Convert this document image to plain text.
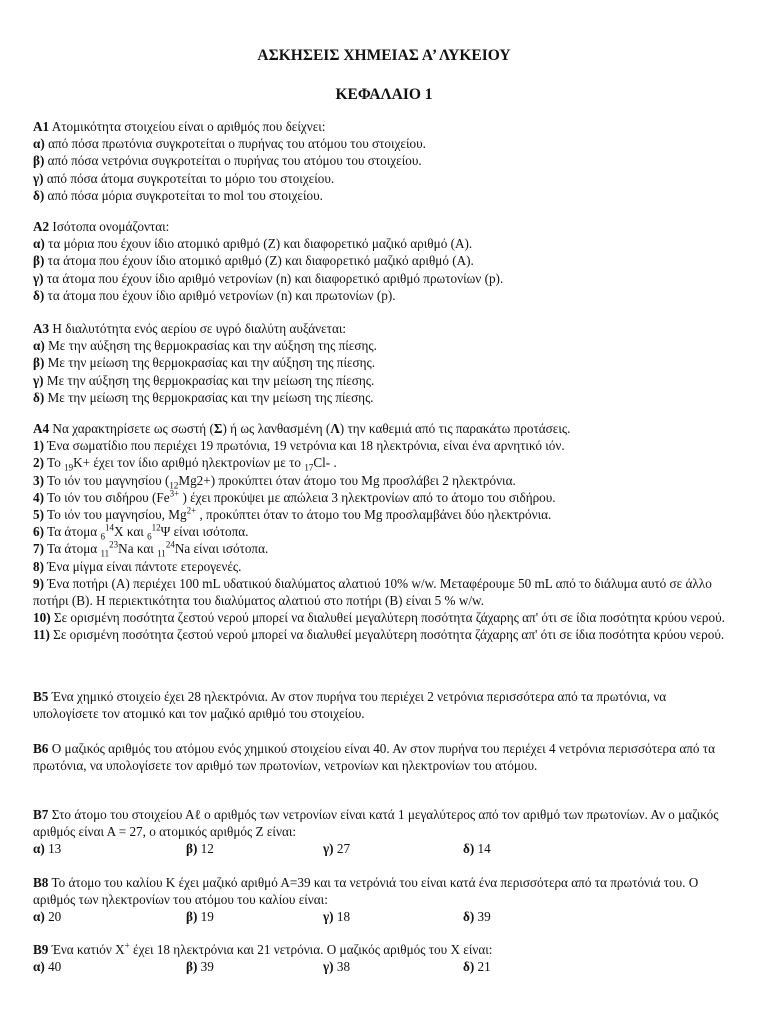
ΑΣΚΗΣΕΙΣ ΧΗΜΕΙΑΣ Α’ ΛΥΚΕΙΟΥ
ΚΕΦΑΛΑΙΟ 1
Α1 Ατομικότητα στοιχείου είναι ο αριθμός που δείχνει:
α) από πόσα πρωτόνια συγκροτείται ο πυρήνας του ατόμου του στοιχείου.
β) από πόσα νετρόνια συγκροτείται ο πυρήνας του ατόμου του στοιχείου.
γ) από πόσα άτομα συγκροτείται το μόριο του στοιχείου.
δ) από πόσα μόρια συγκροτείται το mol του στοιχείου.
Α2 Ισότοπα ονομάζονται:
α) τα μόρια που έχουν ίδιο ατομικό αριθμό (Ζ) και διαφορετικό μαζικό αριθμό (Α).
β) τα άτομα που έχουν ίδιο ατομικό αριθμό (Ζ) και διαφορετικό μαζικό αριθμό (Α).
γ) τα άτομα που έχουν ίδιο αριθμό νετρονίων (n) και διαφορετικό αριθμό πρωτονίων (p).
δ) τα άτομα που έχουν ίδιο αριθμό νετρονίων (n) και πρωτονίων (p).
Α3 Η διαλυτότητα ενός αερίου σε υγρό διαλύτη αυξάνεται:
α) Με την αύξηση της θερμοκρασίας και την αύξηση της πίεσης.
β) Με την μείωση της θερμοκρασίας και την αύξηση της πίεσης.
γ) Με την αύξηση της θερμοκρασίας και την μείωση της πίεσης.
δ) Με την μείωση της θερμοκρασίας και την μείωση της πίεσης.
Α4 Να χαρακτηρίσετε ως σωστή (Σ) ή ως λανθασμένη (Λ) την καθεμιά από τις παρακάτω προτάσεις.
1) Ένα σωματίδιο που περιέχει 19 πρωτόνια, 19 νετρόνια και 18 ηλεκτρόνια, είναι ένα αρνητικό ιόν.
2) Το $_{19}$K+ έχει τον ίδιο αριθμό ηλεκτρονίων με το $_{17}$Cl- .
3) Το ιόν του μαγνησίου $(_{12}Mg2+)$ προκύπτει όταν άτομο του Mg προσλάβει 2 ηλεκτρόνια.
4) Το ιόν του σιδήρου ($Fe^{3+}$ ) έχει προκύψει με απώλεια 3 ηλεκτρονίων από το άτομο του σιδήρου.
5) Το ιόν του μαγνησίου, $Mg^{2+}$ , προκύπτει όταν το άτομο του Mg προσλαμβάνει δύο ηλεκτρόνια.
6) Τα άτομα $_6^{14}$Χ και $_6^{12}$Ψ είναι ισότοπα.
7) Τα άτομα $_{11}^{23}$Na και $_{11}^{24}$Na είναι ισότοπα.
8) Ένα μίγμα είναι πάντοτε ετερογενές.
9) Ένα ποτήρι (Α) περιέχει 100 mL υδατικού διαλύματος αλατιού 10% w/w. Μεταφέρουμε 50 mL από το διάλυμα αυτό σε άλλο ποτήρι (Β). Η περιεκτικότητα του διαλύματος αλατιού στο ποτήρι (Β) είναι 5 % w/w.
10) Σε ορισμένη ποσότητα ζεστού νερού μπορεί να διαλυθεί μεγαλύτερη ποσότητα ζάχαρης απ' ότι σε ίδια ποσότητα κρύου νερού.
11) Σε ορισμένη ποσότητα ζεστού νερού μπορεί να διαλυθεί μεγαλύτερη ποσότητα ζάχαρης απ' ότι σε ίδια ποσότητα κρύου νερού.
Β5 Ένα χημικό στοιχείο έχει 28 ηλεκτρόνια. Αν στον πυρήνα του περιέχει 2 νετρόνια περισσότερα από τα πρωτόνια, να υπολογίσετε τον ατομικό και τον μαζικό αριθμό του στοιχείου.
Β6 Ο μαζικός αριθμός του ατόμου ενός χημικού στοιχείου είναι 40. Αν στον πυρήνα του περιέχει 4 νετρόνια περισσότερα από τα πρωτόνια, να υπολογίσετε τον αριθμό των πρωτονίων, νετρονίων και ηλεκτρονίων του ατόμου.
Β7 Στο άτομο του στοιχείου Αℓ ο αριθμός των νετρονίων είναι κατά 1 μεγαλύτερος από τον αριθμό των πρωτονίων. Αν ο μαζικός αριθμός είναι Α = 27, ο ατομικός αριθμός Ζ είναι:
α) 13	β) 12	γ) 27	δ) 14
Β8 Το άτομο του καλίου Κ έχει μαζικό αριθμό Α=39 και τα νετρόνιά του είναι κατά ένα περισσότερα από τα πρωτόνιά του. Ο αριθμός των ηλεκτρονίων του ατόμου του καλίου είναι:
α) 20	β) 19	γ) 18	δ) 39
Β9 Ένα κατιόν Χ+ έχει 18 ηλεκτρόνια και 21 νετρόνια. Ο μαζικός αριθμός του Χ είναι:
α) 40	β) 39	γ) 38	δ) 21
